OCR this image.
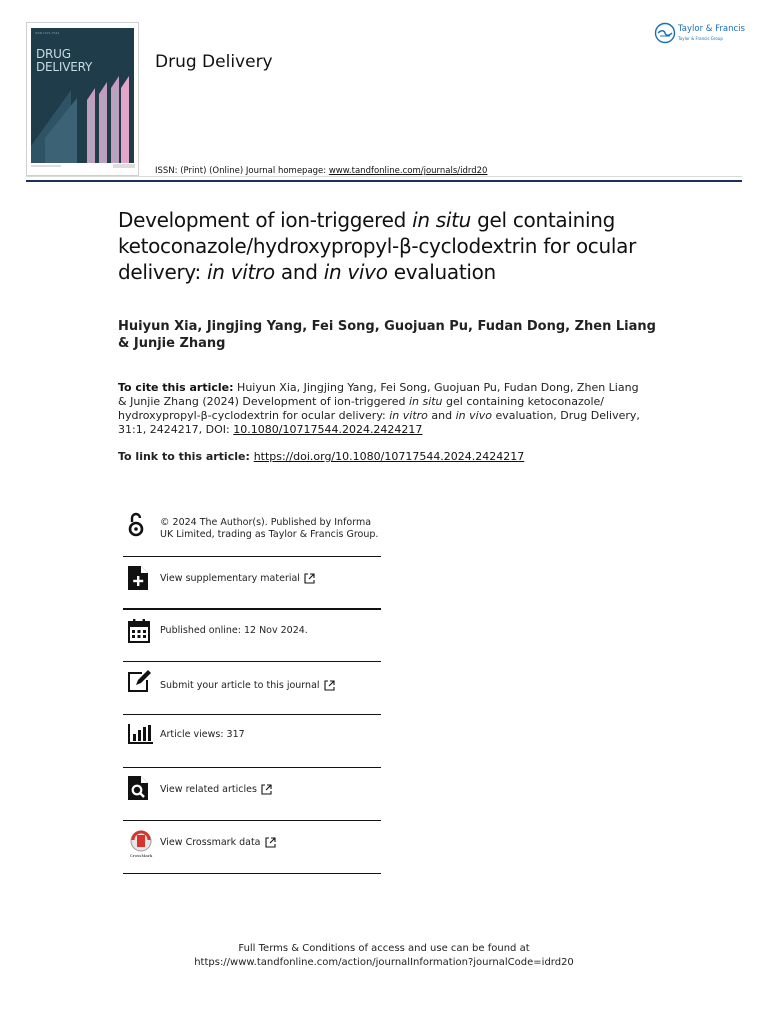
ISSN 1071-7544
DRUG
DELIVERY	Drug Delivery
Taylor & Francis
Taylor & Francis Group
ISSN: (Print) (Online) Journal homepage: www.tandfonline.com/journals/idrd20
Development of ion-triggered in situ gel containing ketoconazole/hydroxypropyl-β-cyclodextrin for ocular delivery: in vitro and in vivo evaluation
Huiyun Xia, Jingjing Yang, Fei Song, Guojuan Pu, Fudan Dong, Zhen Liang & Junjie Zhang
To cite this article: Huiyun Xia, Jingjing Yang, Fei Song, Guojuan Pu, Fudan Dong, Zhen Liang & Junjie Zhang (2024) Development of ion-triggered in situ gel containing ketoconazole/ hydroxypropyl-β-cyclodextrin for ocular delivery: in vitro and in vivo evaluation, Drug Delivery, 31:1, 2424217, DOI: 10.1080/10717544.2024.2424217
To link to this article: https://doi.org/10.1080/10717544.2024.2424217
© 2024 The Author(s). Published by Informa UK Limited, trading as Taylor & Francis Group.
View supplementary material
Published online: 12 Nov 2024.
Submit your article to this journal
Article views: 317
View related articles
CrossMark
View Crossmark data
Full Terms & Conditions of access and use can be found at
https://www.tandfonline.com/action/journalInformation?journalCode=idrd20
